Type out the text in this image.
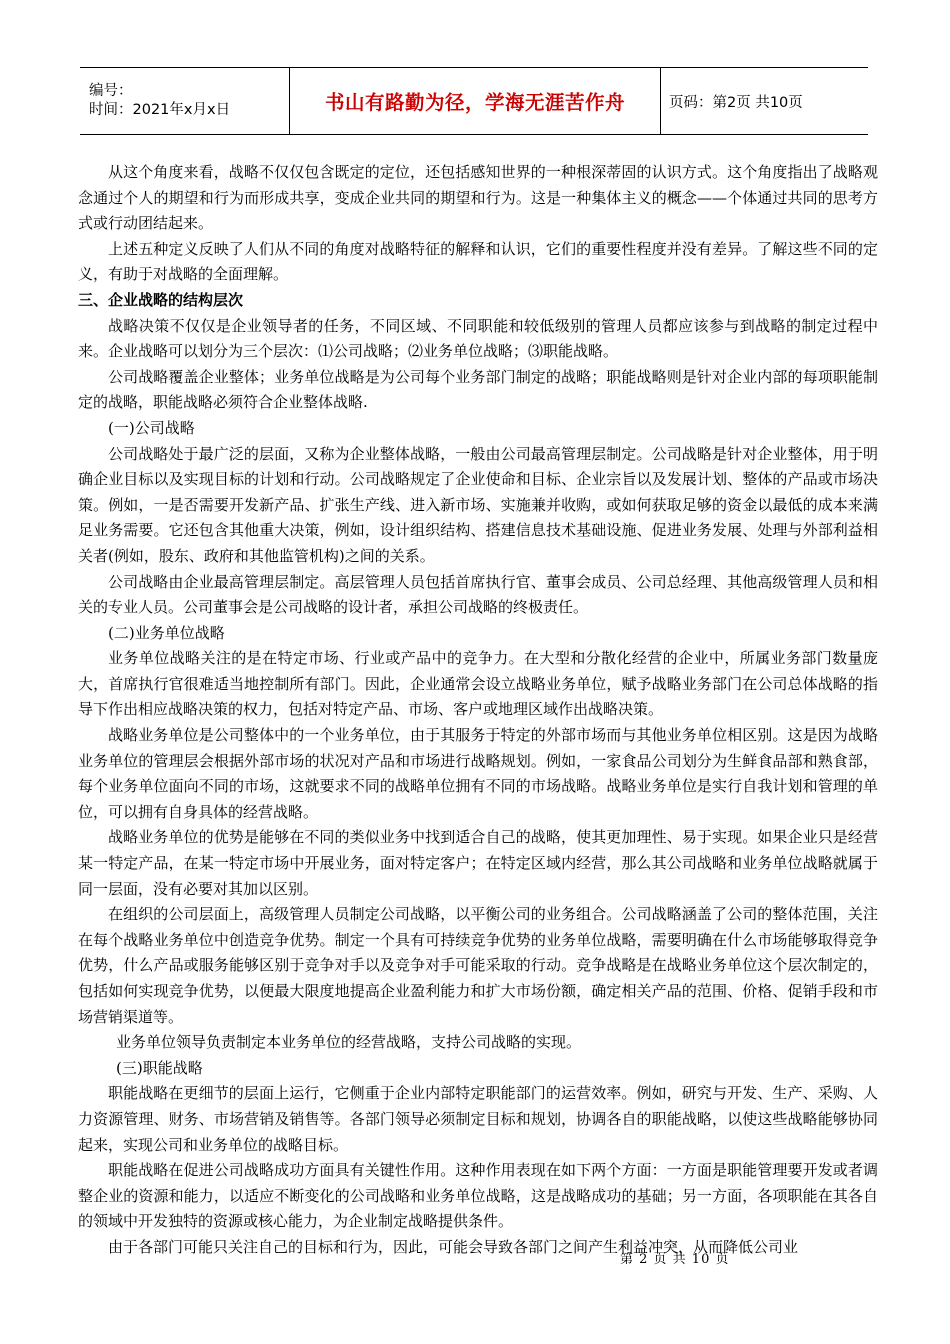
编号：
时间：2021年x月x日	书山有路勤为径，学海无涯苦作舟	页码：第2页 共10页

从这个角度来看，战略不仅仅包含既定的定位，还包括感知世界的一种根深蒂固的认识方式。这个角度指出了战略观念通过个人的期望和行为而形成共享，变成企业共同的期望和行为。这是一种集体主义的概念——个体通过共同的思考方式或行动团结起来。

上述五种定义反映了人们从不同的角度对战略特征的解释和认识，它们的重要性程度并没有差异。了解这些不同的定义，有助于对战略的全面理解。

三、企业战略的结构层次

战略决策不仅仅是企业领导者的任务，不同区域、不同职能和较低级别的管理人员都应该参与到战略的制定过程中来。企业战略可以划分为三个层次：⑴公司战略；⑵业务单位战略；⑶职能战略。

公司战略覆盖企业整体；业务单位战略是为公司每个业务部门制定的战略；职能战略则是针对企业内部的每项职能制定的战略，职能战略必须符合企业整体战略.

(一)公司战略

公司战略处于最广泛的层面，又称为企业整体战略，一般由公司最高管理层制定。公司战略是针对企业整体，用于明确企业目标以及实现目标的计划和行动。公司战略规定了企业使命和目标、企业宗旨以及发展计划、整体的产品或市场决策。例如，一是否需要开发新产品、扩张生产线、进入新市场、实施兼并收购，或如何获取足够的资金以最低的成本来满足业务需要。它还包含其他重大决策，例如，设计组织结构、搭建信息技术基础设施、促进业务发展、处理与外部利益相关者(例如，股东、政府和其他监管机构)之间的关系。

公司战略由企业最高管理层制定。高层管理人员包括首席执行官、董事会成员、公司总经理、其他高级管理人员和相关的专业人员。公司董事会是公司战略的设计者，承担公司战略的终极责任。

(二)业务单位战略

业务单位战略关注的是在特定市场、行业或产品中的竞争力。在大型和分散化经营的企业中，所属业务部门数量庞大，首席执行官很难适当地控制所有部门。因此，企业通常会设立战略业务单位，赋予战略业务部门在公司总体战略的指导下作出相应战略决策的权力，包括对特定产品、市场、客户或地理区域作出战略决策。

战略业务单位是公司整体中的一个业务单位，由于其服务于特定的外部市场而与其他业务单位相区别。这是因为战略业务单位的管理层会根据外部市场的状况对产品和市场进行战略规划。例如，一家食品公司划分为生鲜食品部和熟食部，每个业务单位面向不同的市场，这就要求不同的战略单位拥有不同的市场战略。战略业务单位是实行自我计划和管理的单位，可以拥有自身具体的经营战略。

战略业务单位的优势是能够在不同的类似业务中找到适合自己的战略，使其更加理性、易于实现。如果企业只是经营某一特定产品，在某一特定市场中开展业务，面对特定客户；在特定区域内经营，那么其公司战略和业务单位战略就属于同一层面，没有必要对其加以区别。

在组织的公司层面上，高级管理人员制定公司战略，以平衡公司的业务组合。公司战略涵盖了公司的整体范围，关注在每个战略业务单位中创造竞争优势。制定一个具有可持续竞争优势的业务单位战略，需要明确在什么市场能够取得竞争优势，什么产品或服务能够区别于竞争对手以及竞争对手可能采取的行动。竞争战略是在战略业务单位这个层次制定的，包括如何实现竞争优势，以便最大限度地提高企业盈利能力和扩大市场份额，确定相关产品的范围、价格、促销手段和市场营销渠道等。

业务单位领导负责制定本业务单位的经营战略，支持公司战略的实现。

(三)职能战略

职能战略在更细节的层面上运行，它侧重于企业内部特定职能部门的运营效率。例如，研究与开发、生产、采购、人力资源管理、财务、市场营销及销售等。各部门领导必须制定目标和规划，协调各自的职能战略，以使这些战略能够协同起来，实现公司和业务单位的战略目标。

职能战略在促进公司战略成功方面具有关键性作用。这种作用表现在如下两个方面：一方面是职能管理要开发或者调整企业的资源和能力，以适应不断变化的公司战略和业务单位战略，这是战略成功的基础；另一方面，各项职能在其各自的领域中开发独特的资源或核心能力，为企业制定战略提供条件。

由于各部门可能只关注自己的目标和行为，因此，可能会导致各部门之间产生利益冲突，从而降低公司业

第 2 页 共 10 页
